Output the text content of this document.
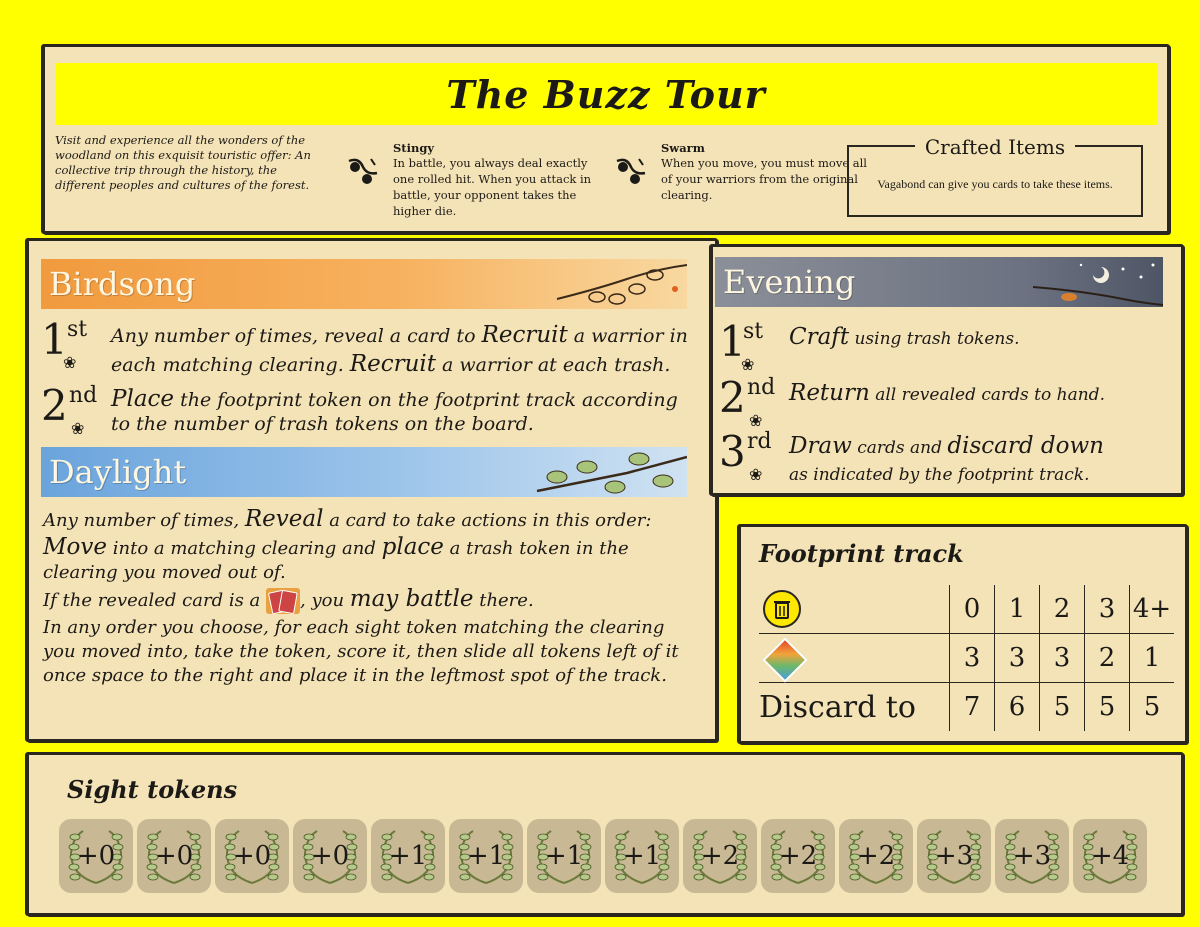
The Buzz Tour
Visit and experience all the wonders of the woodland on this exquisit touristic offer: An collective trip through the history, the different peoples and cultures of the forest.
Stingy
In battle, you always deal exactly one rolled hit. When you attack in battle, your opponent takes the higher die.
Swarm
When you move, you must move all of your warriors from the original clearing.
Crafted Items
Vagabond can give you cards to take these items.
Birdsong
1 st
❀
Any number of times, reveal a card to Recruit a warrior in each matching clearing. Recruit a warrior at each trash.
2 nd
❀
Place the footprint token on the footprint track according to the number of trash tokens on the board.
Daylight

Any number of times, Reveal a card to take actions in this order:

Move into a matching clearing and place a trash token in the clearing you moved out of.

If the revealed card is a
, you may battle there.

In any order you choose, for each sight token matching the clearing you moved into, take the token, score it, then slide all tokens left of it once space to the right and place it in the leftmost spot of the track.

Evening
1
st
❀
Craft using trash tokens.
2 nd
❀
Return all revealed cards to hand.
3 rd
❀
Draw cards and discard down
as indicated by the footprint track.
Footprint track
	0	1	2	3	4+
	3	3	3	2	1
Discard to	7	6	5	5	5
Sight tokens
+0 +0 +0 +0 +1 +1 +1 +1 +2 +2 +2 +3 +3 +4
